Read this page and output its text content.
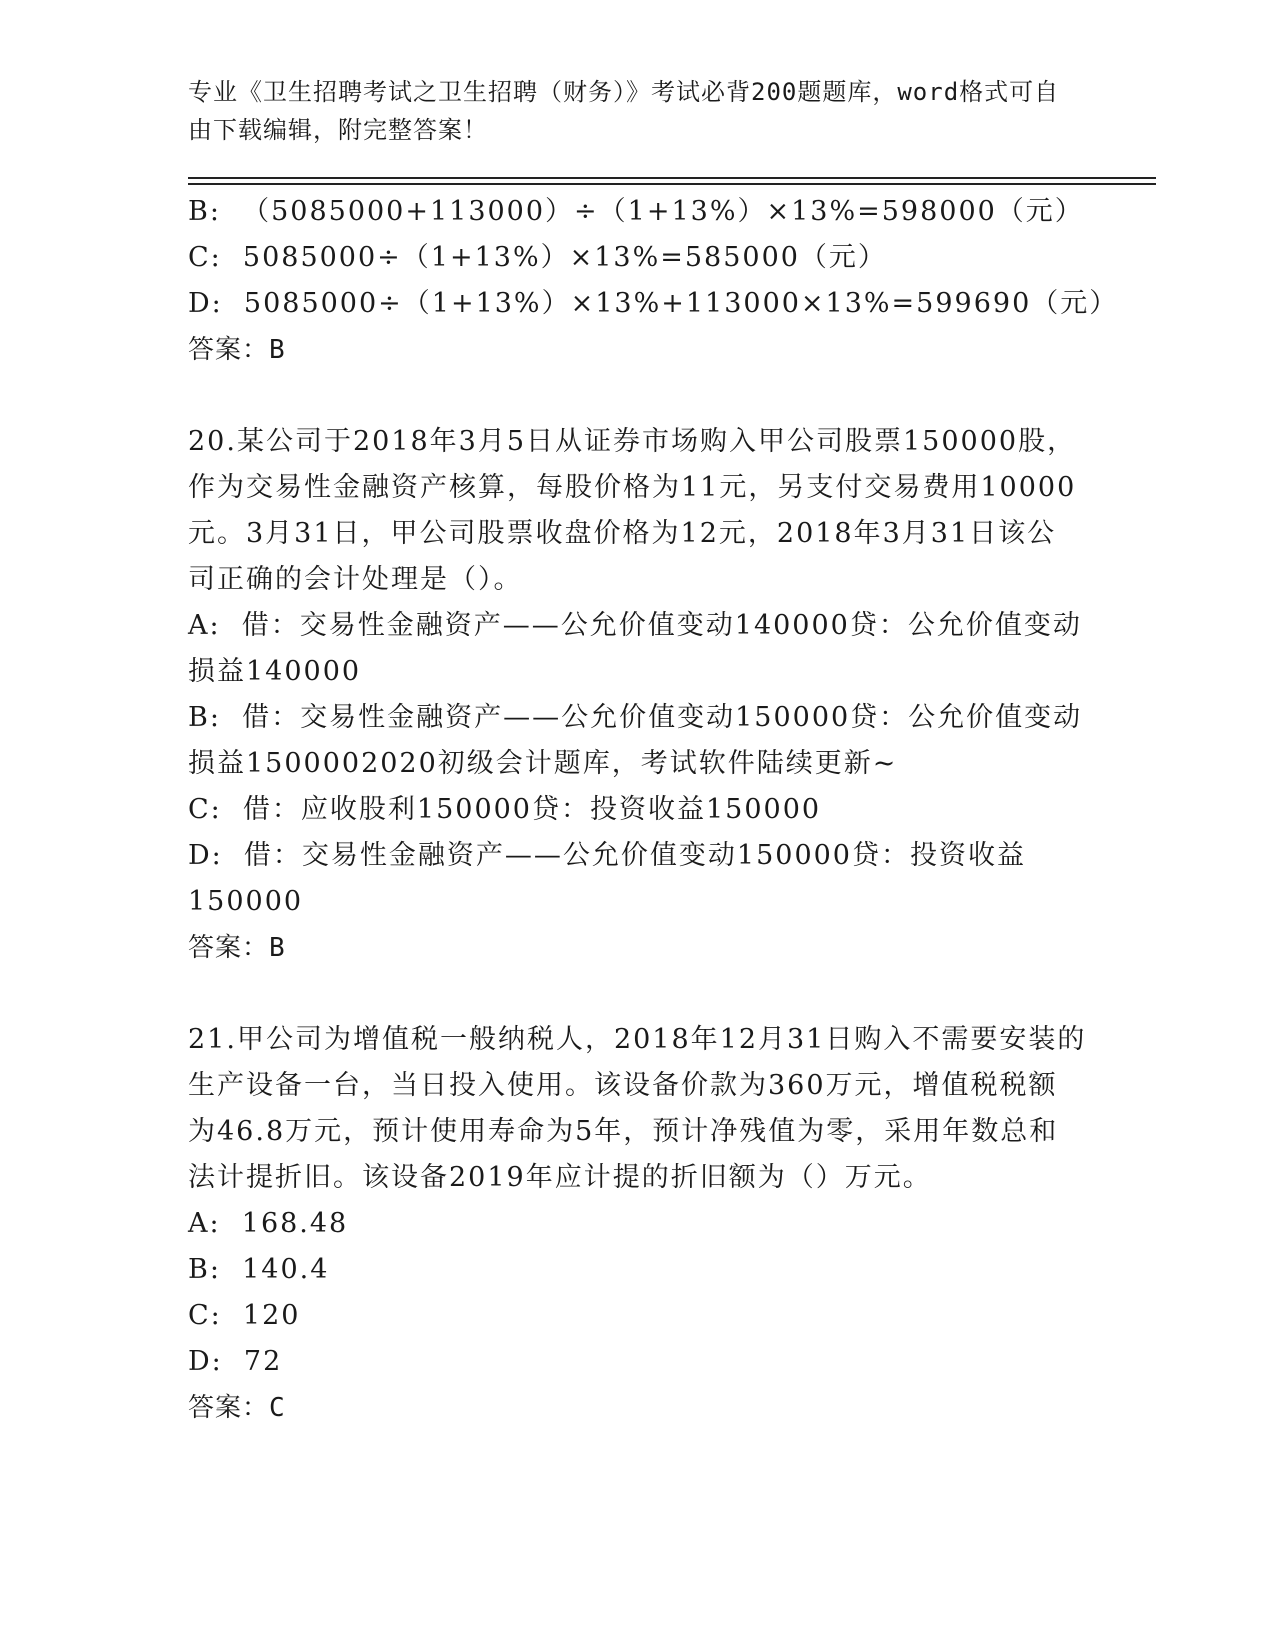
专业《卫生招聘考试之卫生招聘（财务）》考试必背200题题库，word格式可自
由下载编辑，附完整答案！
B:  （5085000+113000）÷（1+13%）×13%=598000（元）
C:  5085000÷（1+13%）×13%=585000（元）
D:  5085000÷（1+13%）×13%+113000×13%=599690（元）
答案：B
20.某公司于2018年3月5日从证券市场购入甲公司股票150000股，
作为交易性金融资产核算，每股价格为11元，另支付交易费用10000
元。3月31日，甲公司股票收盘价格为12元，2018年3月31日该公
司正确的会计处理是（）。
A:  借：交易性金融资产——公允价值变动140000贷：公允价值变动
损益140000
B:  借：交易性金融资产——公允价值变动150000贷：公允价值变动
损益1500002020初级会计题库，考试软件陆续更新~
C:  借：应收股利150000贷：投资收益150000
D:  借：交易性金融资产——公允价值变动150000贷：投资收益
150000
答案：B
21.甲公司为增值税一般纳税人，2018年12月31日购入不需要安装的
生产设备一台，当日投入使用。该设备价款为360万元，增值税税额
为46.8万元，预计使用寿命为5年，预计净残值为零，采用年数总和
法计提折旧。该设备2019年应计提的折旧额为（）万元。
A:  168.48
B:  140.4
C:  120
D:  72
答案：C
